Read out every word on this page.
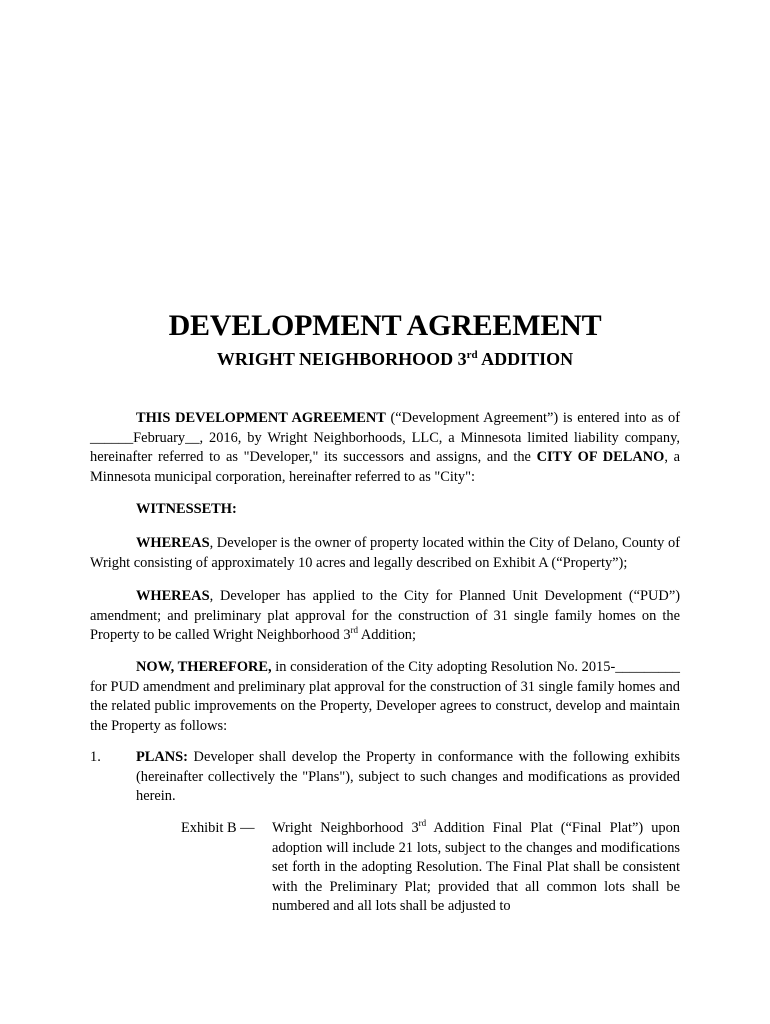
DEVELOPMENT AGREEMENT
WRIGHT NEIGHBORHOOD 3rd ADDITION

THIS DEVELOPMENT AGREEMENT (“Development Agreement”) is entered into as of ______February__, 2016, by Wright Neighborhoods, LLC, a Minnesota limited liability company, hereinafter referred to as "Developer," its successors and assigns, and the CITY OF DELANO, a Minnesota municipal corporation, hereinafter referred to as "City":

WITNESSETH:

WHEREAS, Developer is the owner of property located within the City of Delano, County of Wright consisting of approximately 10 acres and legally described on Exhibit A (“Property”);

WHEREAS, Developer has applied to the City for Planned Unit Development (“PUD”) amendment; and preliminary plat approval for the construction of 31 single family homes on the Property to be called Wright Neighborhood 3rd Addition;

NOW, THEREFORE, in consideration of the City adopting Resolution No. 2015-_________ for PUD amendment and preliminary plat approval for the construction of 31 single family homes and the related public improvements on the Property, Developer agrees to construct, develop and maintain the Property as follows:

1. PLANS: Developer shall develop the Property in conformance with the following exhibits (hereinafter collectively the "Plans"), subject to such changes and modifications as provided herein.

Exhibit B — Wright Neighborhood 3rd Addition Final Plat (“Final Plat”) upon adoption will include 21 lots, subject to the changes and modifications set forth in the adopting Resolution. The Final Plat shall be consistent with the Preliminary Plat; provided that all common lots shall be numbered and all lots shall be adjusted to
